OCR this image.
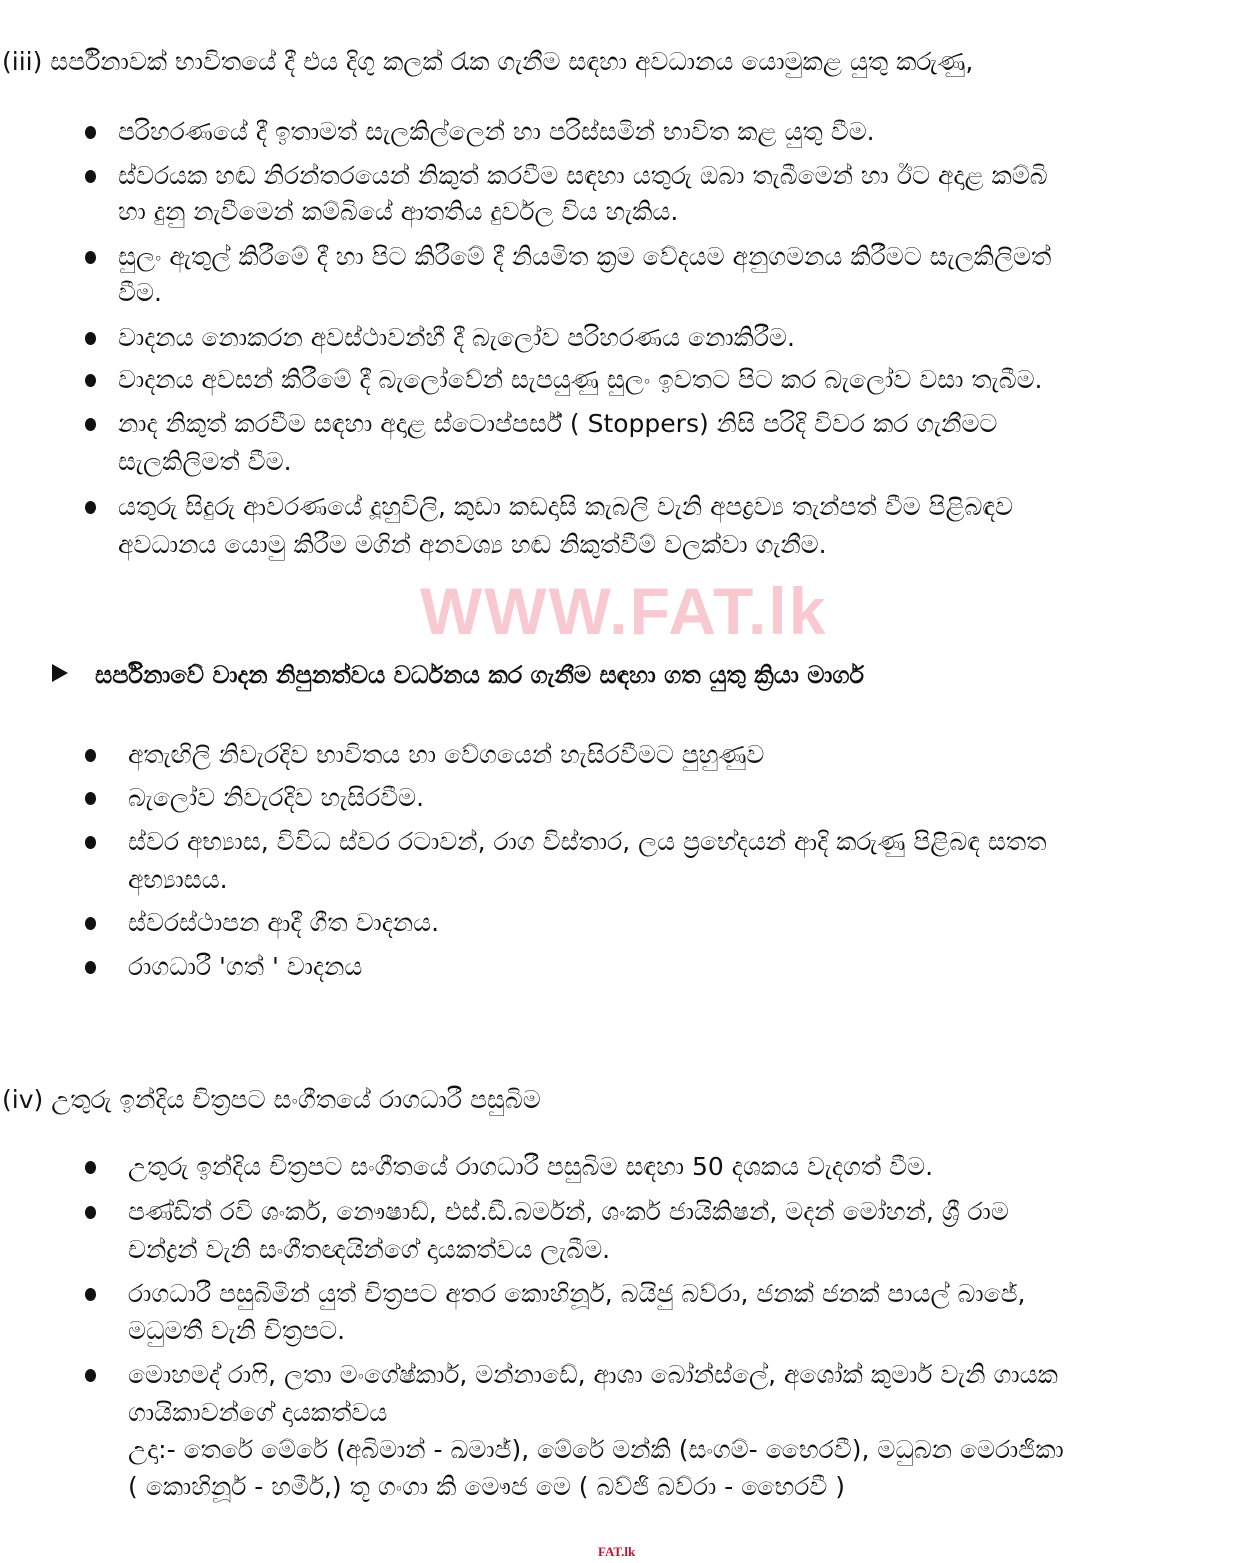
WWW.FAT.lk
(iii) සර්පිනාවක් භාවිතයේ දී එය දිගු කලක් රැක ගැනීම සඳහා අවධානය යොමුකළ යුතු කරුණු,
පරිහරණයේ දී ඉතාමත් සැලකිල්ලෙන් හා පරිස්සමින් භාවිත කළ යුතු වීම.
ස්වරයක හඬ නිරන්තරයෙන් නිකුත් කරවීම සඳහා යතුරු ඔබා තැබීමෙන් හා ඊට අදාළ කම්බි
හා දුනු නැවීමෙන් කම්බියේ ආතතිය දුර්වල විය හැකිය.
සුලං ඇතුල් කිරීමේ දී හා පිට කිරීමේ දී නියමිත ක්‍රම වේදයම අනුගමනය කිරීමට සැලකිලිමත්
වීම.
වාදනය නොකරන අවස්ථාවන්හී දී බැලෝව පරිහරණය නොකිරීම.
වාදනය අවසන් කිරීමේ දී බැලෝවේන් සැපයුණු සුලං ඉවතට පිට කර බැලෝව වසා තැබීම.
නාද නිකුත් කරවීම සඳහා අදාළ ස්ටොප්පර්ස් ( Stoppers) නිසි පරිදි විවර කර ගැනීමට
සැලකිලිමත් වීම.
යතුරු සිදුරු ආවරණයේ දූහුවිලි, කුඩා කඩදාසි කැබලි වැනි අපද්‍රව්‍ය තැන්පත් වීම පිළිබඳව
අවධානය යොමු කිරීම මගින් අනවශ්‍ය හඬ නිකුත්වීම් වලක්වා ගැනීම.
සර්පිනාවේ වාදන නිපුනත්වය වර්ධනය කර ගැනීම සඳහා ගත යුතු ක්‍රියා මාර්ග
අතැඟිලි නිවැරදිව භාවිතය හා වේගයෙන් හැසිරවීමට පුහුණුව
බැලෝව නිවැරදිව හැසිරවීම.
ස්වර අභ්‍යාස, විවිධ ස්වර රටාවන්, රාග විස්තාර, ලය ප්‍රභේදයන් ආදි කරුණු පිළිබඳ සතත
අභ්‍යාසය.
ස්වරස්ථාපන ආදී ගීත වාදනය.
රාගධාරී 'ගත් ' වාදනය
(iv) උතුරු ඉන්දිය චිත්‍රපට සංගීතයේ රාගධාරී පසුබිම
උතුරු ඉන්දිය චිත්‍රපට සංගීතයේ රාගධාරී පසුබිම සඳහා 50 දශකය වැදගත් වීම.
පණ්ඩිත් රවි ශංකර්, නෞෂාඩ්, එස්.ඩී.බර්මන්, ශංකර් ජායිකිෂන්, මදන් මෝහන්, ශ්‍රී රාම
චන්ද්‍රන් වැනි සංගීතඥයින්ගේ දායකත්වය ලැබීම.
රාගධාරී පසුබිමින් යුත් චිත්‍රපට අතර කොහිනූර්, බයිජු බව්රා, ජනක් ජනක් පායල් බාජේ,
මධුමතී වැනි චිත්‍රපට.
මොහමද් රාෆි, ලතා මංගේෂ්කාර්, මන්නාඩේ, ආශා බෝන්ස්ලේ, අශෝක් කුමාර් වැනි ගායක
ගායිකාවන්ගේ දායකත්වය
උදා:- තෙරේ මේරේ (අබිමාන් - ඛමාජ්), මේරේ මන්කි (සංගම්- භෛරවී), මධුබන මෙරාජිකා
( කොහිනූර් - හමීර්,) තූ ගංගා කි මෞජ මෙ ( බව්ජි බව්රා - භෛරවී )
FAT.lk
